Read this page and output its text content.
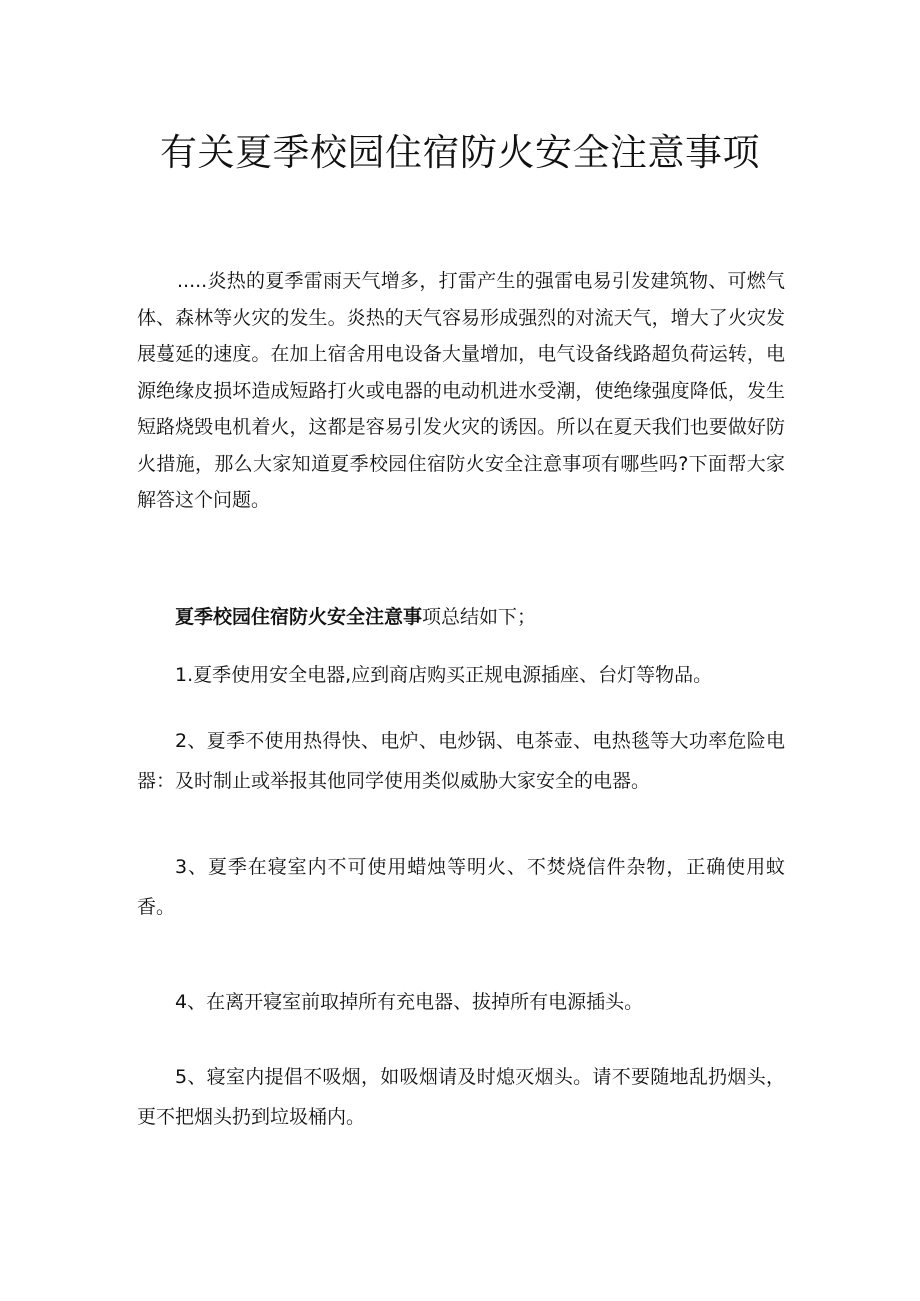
有关夏季校园住宿防火安全注意事项

.....炎热的夏季雷雨天气增多，打雷产生的强雷电易引发建筑物、可燃气体、森林等火灾的发生。炎热的天气容易形成强烈的对流天气，增大了火灾发展蔓延的速度。在加上宿舍用电设备大量增加，电气设备线路超负荷运转，电源绝缘皮损坏造成短路打火或电器的电动机进水受潮，使绝缘强度降低，发生短路烧毁电机着火，这都是容易引发火灾的诱因。所以在夏天我们也要做好防火措施，那么大家知道夏季校园住宿防火安全注意事项有哪些吗?下面帮大家解答这个问题。

夏季校园住宿防火安全注意事项总结如下；

1.夏季使用安全电器,应到商店购买正规电源插座、台灯等物品。

2、夏季不使用热得快、电炉、电炒锅、电茶壶、电热毯等大功率危险电器：及时制止或举报其他同学使用类似威胁大家安全的电器。

3、夏季在寝室内不可使用蜡烛等明火、不焚烧信件杂物，正确使用蚊香。

4、在离开寝室前取掉所有充电器、拔掉所有电源插头。

5、寝室内提倡不吸烟，如吸烟请及时熄灭烟头。请不要随地乱扔烟头，更不把烟头扔到垃圾桶内。
